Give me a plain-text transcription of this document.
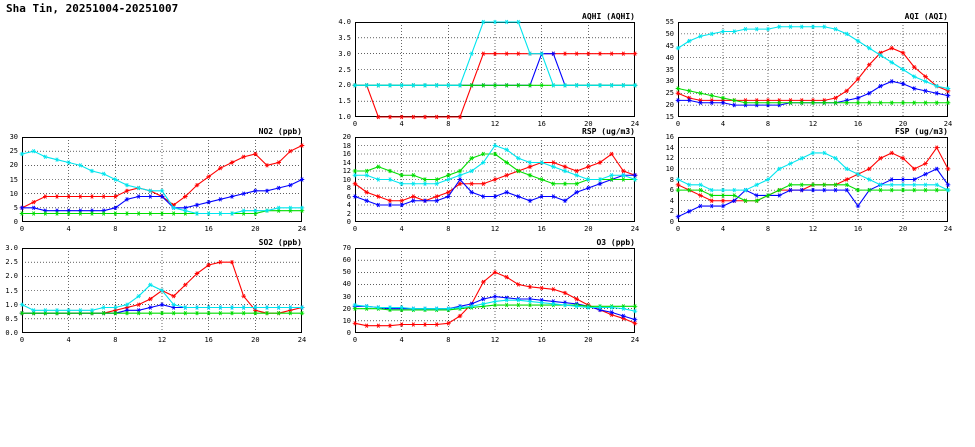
Sha Tin, 20251004-20251007
AQHI (AQHI)
1.0
1.5
2.0
2.5
3.0
3.5
4.0
0	4	8	12	16	20	24
AQI (AQI)
15
20
25
30
35
40
45
50
55
0	4	8	12	16	20	24
NO2 (ppb)
0
5
10
15
20
25
30
0	4	8	12	16	20	24
RSP (ug/m3)
0
2
4
6
8
10
12
14
16
18
20
0	4	8	12	16	20	24
FSP (ug/m3)
0
2
4
6
8
10
12
14
16
0	4	8	12	16	20	24
SO2 (ppb)
0.0
0.5
1.0
1.5
2.0
2.5
3.0
0	4	8	12	16	20	24
O3 (ppb)
0
10
20
30
40
50
60
70
0	4	8	12	16	20	24
